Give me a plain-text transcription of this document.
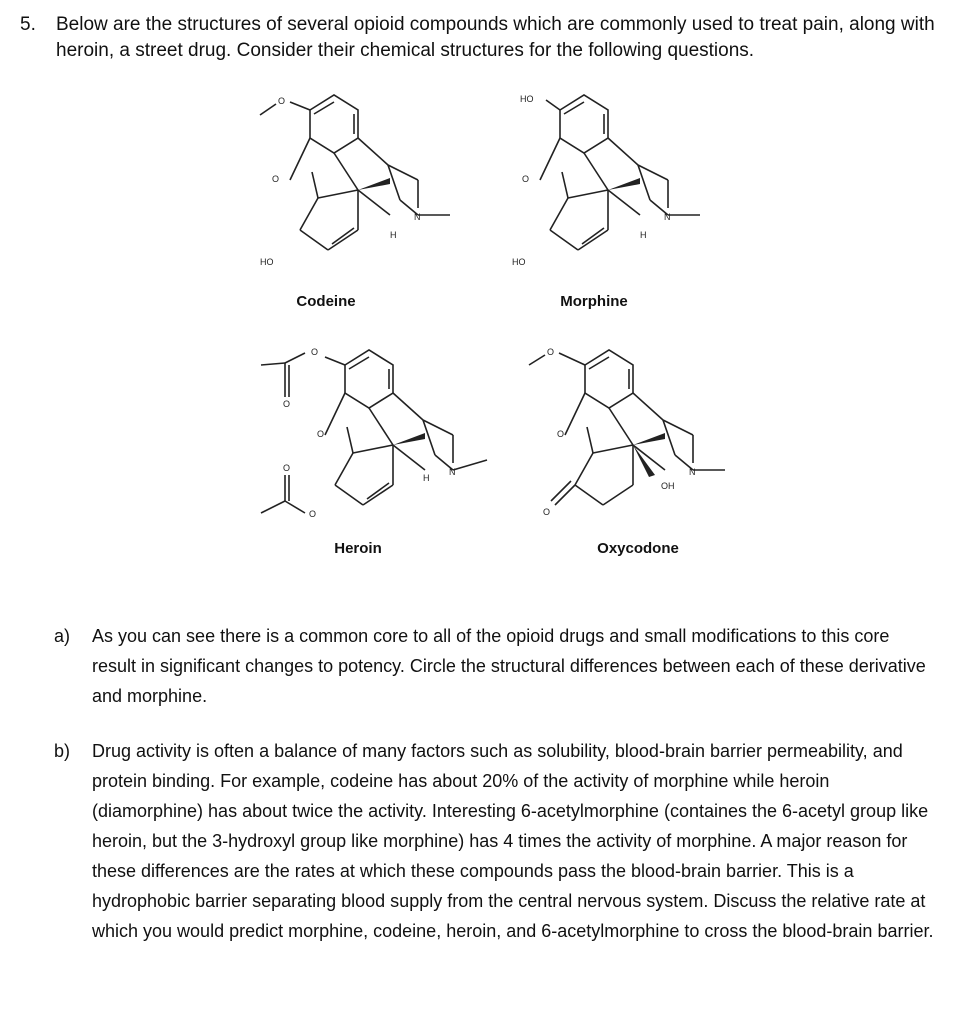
5. Below are the structures of several opioid compounds which are commonly used to treat pain, along with heroin, a street drug. Consider their chemical structures for the following questions.
O
O
HO
N
H
Codeine
HO
O
HO
N
H
Morphine
O
O
O
O
O
N
H
Heroin
O
O
O
N
OH
Oxycodone
a) As you can see there is a common core to all of the opioid drugs and small modifications to this core result in significant changes to potency. Circle the structural differences between each of these derivative and morphine.
b) Drug activity is often a balance of many factors such as solubility, blood-brain barrier permeability, and protein binding. For example, codeine has about 20% of the activity of morphine while heroin (diamorphine) has about twice the activity. Interesting 6-acetylmorphine (containes the 6-acetyl group like heroin, but the 3-hydroxyl group like morphine) has 4 times the activity of morphine. A major reason for these differences are the rates at which these compounds pass the blood-brain barrier. This is a hydrophobic barrier separating blood supply from the central nervous system. Discuss the relative rate at which you would predict morphine, codeine, heroin, and 6-acetylmorphine to cross the blood-brain barrier.
